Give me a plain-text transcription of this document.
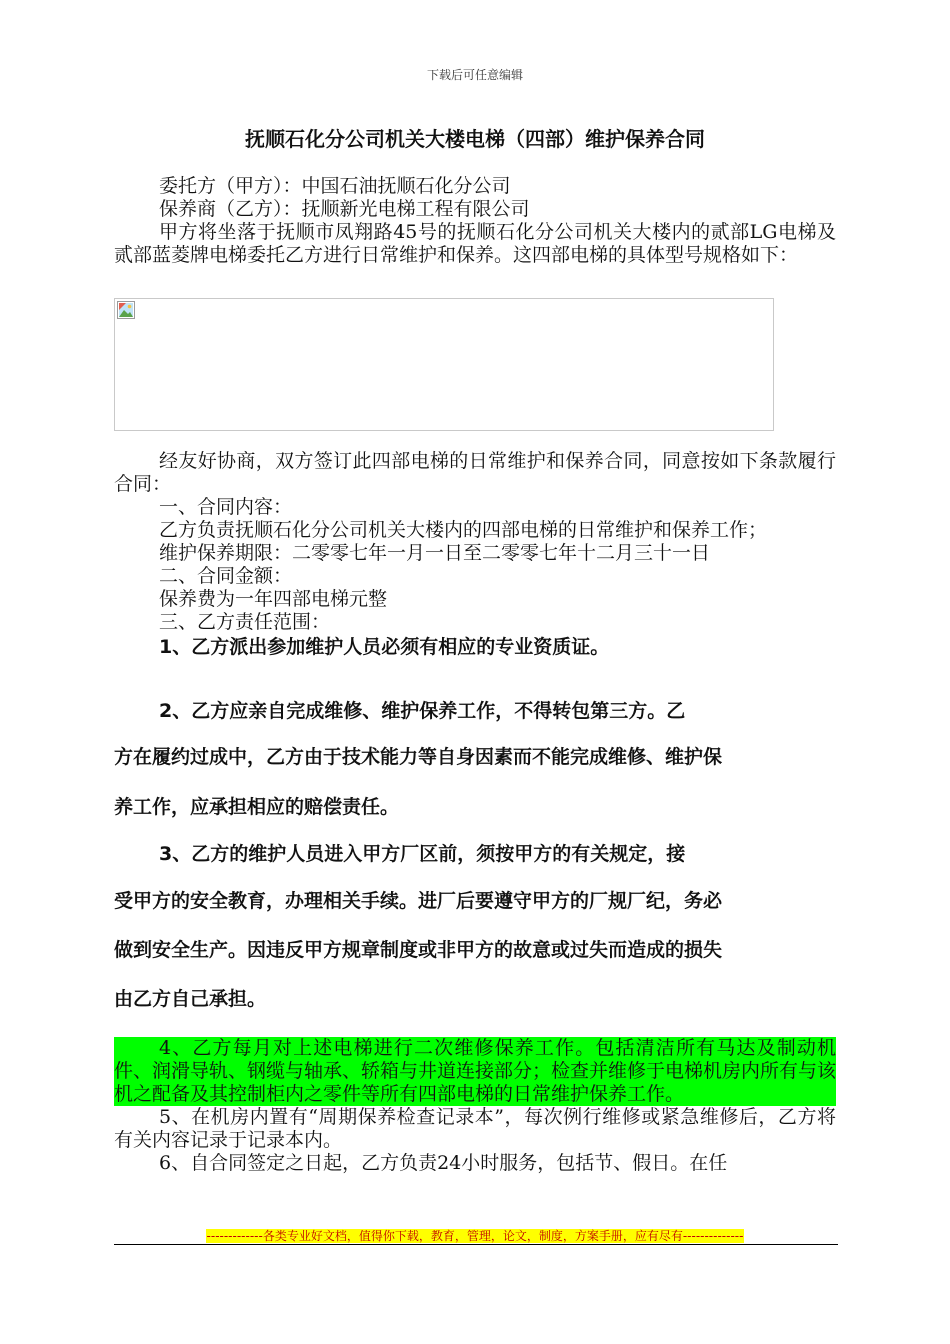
下载后可任意编辑
抚顺石化分公司机关大楼电梯（四部）维护保养合同

委托方（甲方）：中国石油抚顺石化分公司

保养商（乙方）：抚顺新光电梯工程有限公司

甲方将坐落于抚顺市凤翔路45号的抚顺石化分公司机关大楼内的贰部LG电梯及贰部蓝菱牌电梯委托乙方进行日常维护和保养。这四部电梯的具体型号规格如下：

经友好协商，双方签订此四部电梯的日常维护和保养合同，同意按如下条款履行合同：

一、合同内容：

乙方负责抚顺石化分公司机关大楼内的四部电梯的日常维护和保养工作；

维护保养期限：二零零七年一月一日至二零零七年十二月三十一日

二、合同金额：

保养费为一年四部电梯元整

三、乙方责任范围：

1、乙方派出参加维护人员必须有相应的专业资质证。

2、乙方应亲自完成维修、维护保养工作，不得转包第三方。乙
方在履约过成中，乙方由于技术能力等自身因素而不能完成维修、维护保
养工作，应承担相应的赔偿责任。
3、乙方的维护人员进入甲方厂区前，须按甲方的有关规定，接
受甲方的安全教育，办理相关手续。进厂后要遵守甲方的厂规厂纪，务必
做到安全生产。因违反甲方规章制度或非甲方的故意或过失而造成的损失
由乙方自己承担。

4、乙方每月对上述电梯进行二次维修保养工作。包括清洁所有马达及制动机件、润滑导轨、钢缆与轴承、轿箱与井道连接部分；检查并维修于电梯机房内所有与该机之配备及其控制柜内之零件等所有四部电梯的日常维护保养工作。

5、在机房内置有“周期保养检查记录本”，每次例行维修或紧急维修后，乙方将有关内容记录于记录本内。

6、自合同签定之日起，乙方负责24小时服务，包括节、假日。在任

-------------各类专业好文档，值得你下载，教育，管理，论文，制度，方案手册，应有尽有--------------
